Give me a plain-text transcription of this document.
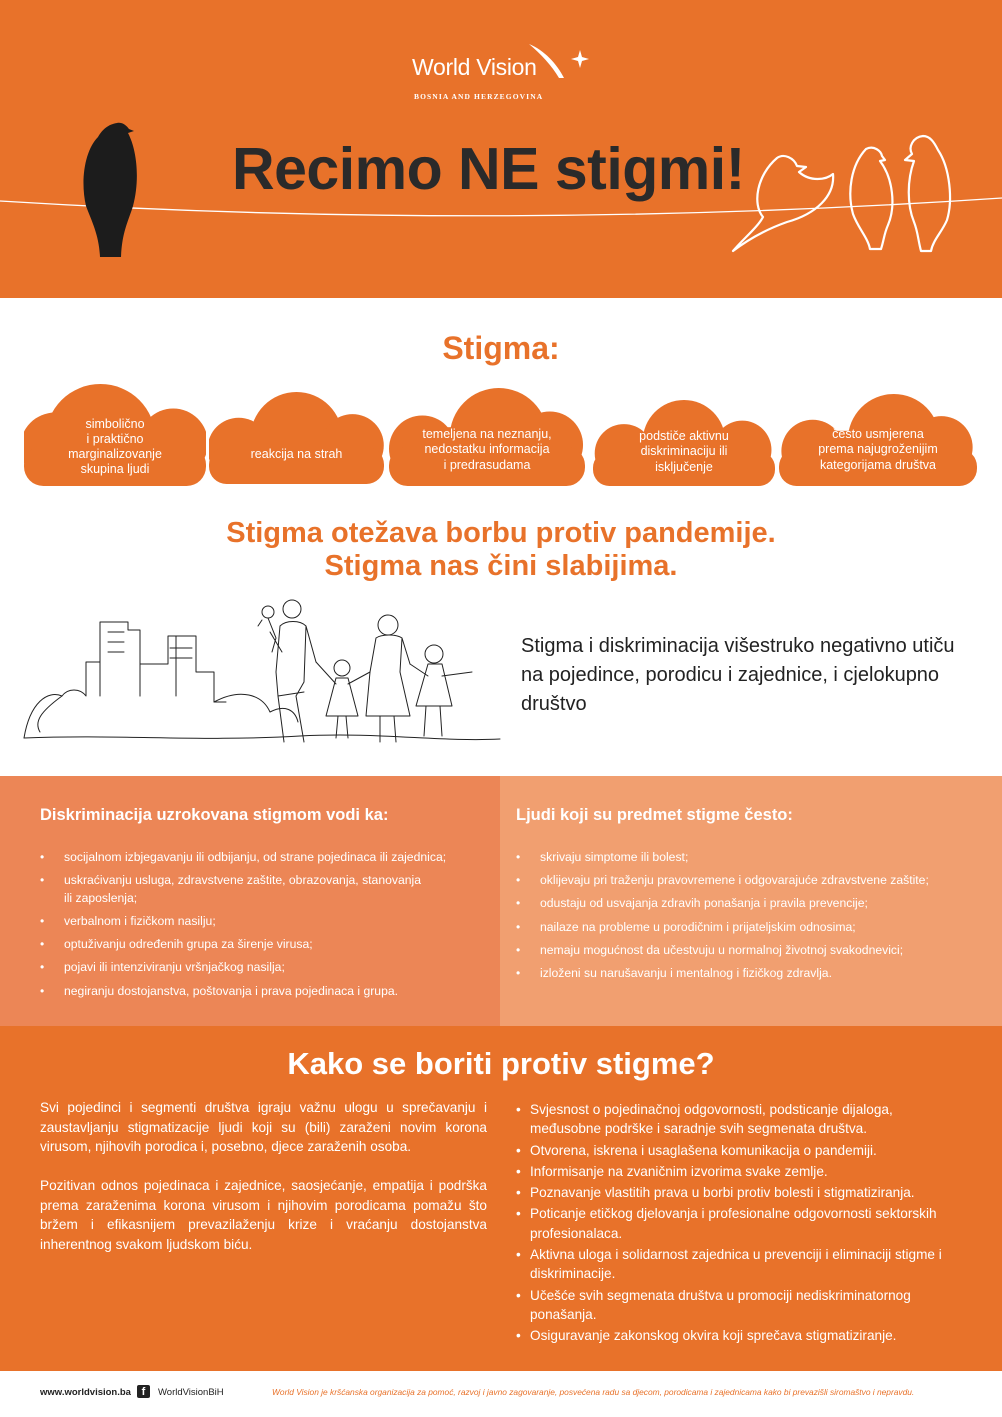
World Vision
BOSNIA AND HERZEGOVINA
Recimo NE stigmi!
Stigma:
simbolično
i praktično
marginalizovanje
skupina ljudi
reakcija na strah
temeljena na neznanju,
nedostatku informacija
i predrasudama
podstiče aktivnu
diskriminaciju ili
isključenje
često usmjerena
prema najugroženijim
kategorijama društva
Stigma otežava borbu protiv pandemije.
Stigma nas čini slabijima.
Stigma i diskriminacija višestruko negativno utiču na pojedince, porodicu i zajednice, i cjelokupno društvo
Diskriminacija uzrokovana stigmom vodi ka:
• socijalnom izbjegavanju ili odbijanju, od strane pojedinaca ili zajednica;
• uskraćivanju usluga, zdravstvene zaštite, obrazovanja, stanovanja
ili zaposlenja;
• verbalnom i fizičkom nasilju;
• optuživanju određenih grupa za širenje virusa;
• pojavi ili intenziviranju vršnjačkog nasilja;
• negiranju dostojanstva, poštovanja i prava pojedinaca i grupa.
Ljudi koji su predmet stigme često:
• skrivaju simptome ili bolest;
• oklijevaju pri traženju pravovremene i odgovarajuće zdravstvene zaštite;
• odustaju od usvajanja zdravih ponašanja i pravila prevencije;
• nailaze na probleme u porodičnim i prijateljskim odnosima;
• nemaju mogućnost da učestvuju u normalnoj životnoj svakodnevici;
• izloženi su narušavanju i mentalnog i fizičkog zdravlja.
Kako se boriti protiv stigme?

Svi pojedinci i segmenti društva igraju važnu ulogu u sprečavanju i zaustavljanju stigmatizacije ljudi koji su (bili) zaraženi novim korona virusom, njihovih porodica i, posebno, djece zaraženih osoba.

Pozitivan odnos pojedinaca i zajednice, saosjećanje, empatija i podrška prema zaraženima korona virusom i njihovim porodicama pomažu što bržem i efikasnijem prevazilaženju krize i vraćanju dostojanstva inherentnog svakom ljudskom biću.

• Svjesnost o pojedinačnoj odgovornosti, podsticanje dijaloga, međusobne podrške i saradnje svih segmenata društva.
• Otvorena, iskrena i usaglašena komunikacija o pandemiji.
• Informisanje na zvaničnim izvorima svake zemlje.
• Poznavanje vlastitih prava u borbi protiv bolesti i stigmatiziranja.
• Poticanje etičkog djelovanja i profesionalne odgovornosti sektorskih profesionalaca.
• Aktivna uloga i solidarnost zajednica u prevenciji i eliminaciji stigme i diskriminacije.
• Učešće svih segmenata društva u promociji nediskriminatornog ponašanja.
• Osiguravanje zakonskog okvira koji sprečava stigmatiziranje.
www.worldvision.ba f	WorldVisionBiH	World Vision je kršćanska organizacija za pomoć, razvoj i javno zagovaranje, posvećena radu sa djecom, porodicama i zajednicama kako bi prevazišli siromaštvo i nepravdu.
